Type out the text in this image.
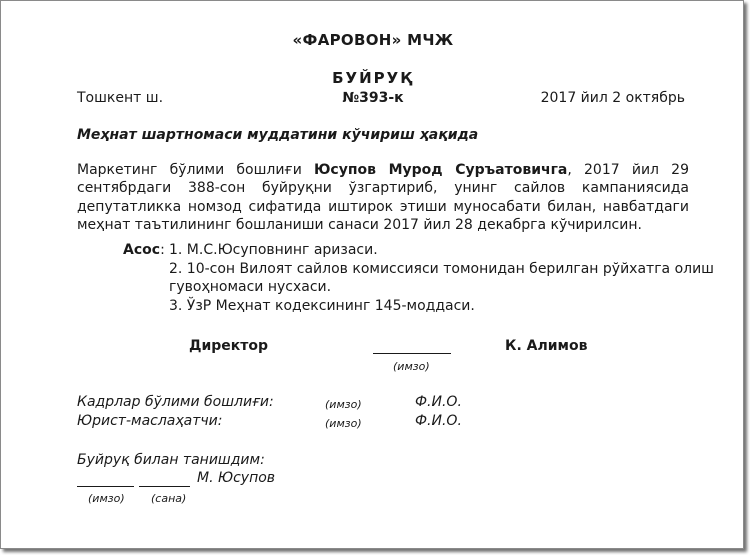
«ФАРОВОН» МЧЖ
БУЙРУҚ
Тошкент ш.	№393-к	2017 йил 2 октябрь
Меҳнат шартномаси муддатини кўчириш ҳақида
Маркетинг бўлими бошлиғи Юсупов Мурод Суръатовичга, 2017 йил 29 сентябрдаги 388-сон буйруқни ўзгартириб, унинг сайлов кампаниясида депутатликка номзод сифатида иштирок этиши муносабати билан, навбатдаги меҳнат таътилининг бошланиши санаси 2017 йил 28 декабрга кўчирилсин.
Асос: 1. М.С.Юсуповнинг аризаси.
2. 10-сон Вилоят сайлов комиссияси томонидан берилган рўйхатга олиш
гувоҳномаси нусхаси.
3. ЎзР Меҳнат кодексининг 145-моддаси.
Директор	К. Алимов
(имзо)
Кадрлар бўлими бошлиғи:	(имзо)	Ф.И.О.
Юрист-маслаҳатчи:	(имзо)	Ф.И.О.
Буйруқ билан танишдим:
М. Юсупов
(имзо) (сана)
